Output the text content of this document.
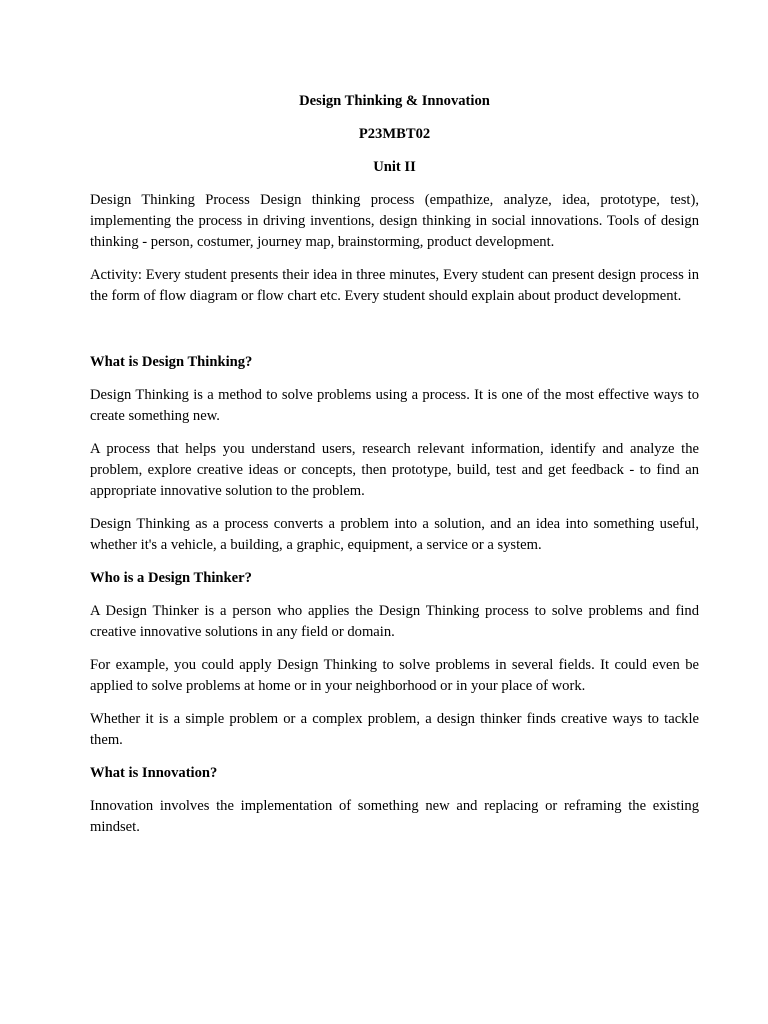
Design Thinking & Innovation
P23MBT02
Unit II

Design Thinking Process Design thinking process (empathize, analyze, idea, prototype, test), implementing the process in driving inventions, design thinking in social innovations. Tools of design thinking - person, costumer, journey map, brainstorming, product development.

Activity: Every student presents their idea in three minutes, Every student can present design process in the form of flow diagram or flow chart etc. Every student should explain about product development.

What is Design Thinking?

Design Thinking is a method to solve problems using a process. It is one of the most effective ways to create something new.

A process that helps you understand users, research relevant information, identify and analyze the problem, explore creative ideas or concepts, then prototype, build, test and get feedback - to find an appropriate innovative solution to the problem.

Design Thinking as a process converts a problem into a solution, and an idea into something useful, whether it's a vehicle, a building, a graphic, equipment, a service or a system.

Who is a Design Thinker?

A Design Thinker is a person who applies the Design Thinking process to solve problems and find creative innovative solutions in any field or domain.

For example, you could apply Design Thinking to solve problems in several fields. It could even be applied to solve problems at home or in your neighborhood or in your place of work.

Whether it is a simple problem or a complex problem, a design thinker finds creative ways to tackle them.

What is Innovation?

Innovation involves the implementation of something new and replacing or reframing the existing mindset.
